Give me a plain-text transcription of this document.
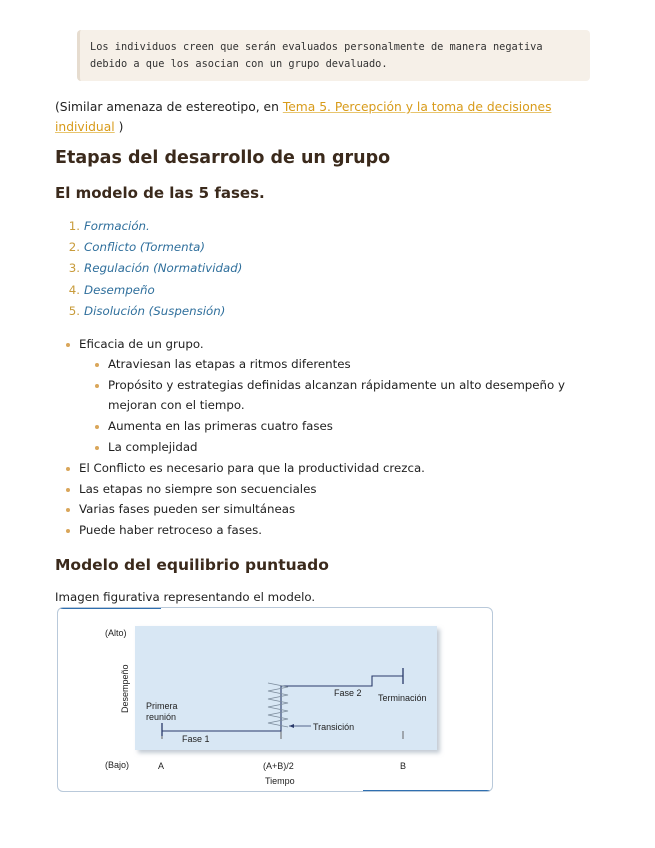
Los individuos creen que serán evaluados personalmente de manera negativa
debido a que los asocian con un grupo devaluado.
(Similar amenaza de estereotipo, en Tema 5. Percepción y la toma de decisiones individual )
Etapas del desarrollo de un grupo
El modelo de las 5 fases.
1. Formación.
2. Conflicto (Tormenta)
3. Regulación (Normatividad)
4. Desempeño
5. Disolución (Suspensión)
Eficacia de un grupo.
Atraviesan las etapas a ritmos diferentes
Propósito y estrategias definidas alcanzan rápidamente un alto desempeño y mejoran con el tiempo.
Aumenta en las primeras cuatro fases
La complejidad
El Conflicto es necesario para que la productividad crezca.
Las etapas no siempre son secuenciales
Varias fases pueden ser simultáneas
Puede haber retroceso a fases.
Modelo del equilibrio puntuado
Imagen figurativa representando el modelo.
(Alto)
(Bajo)
Desempeño
A	(A+B)/2	B
Tiempo
Primera
reunión
Fase 1
Fase 2
Transición
Terminación
